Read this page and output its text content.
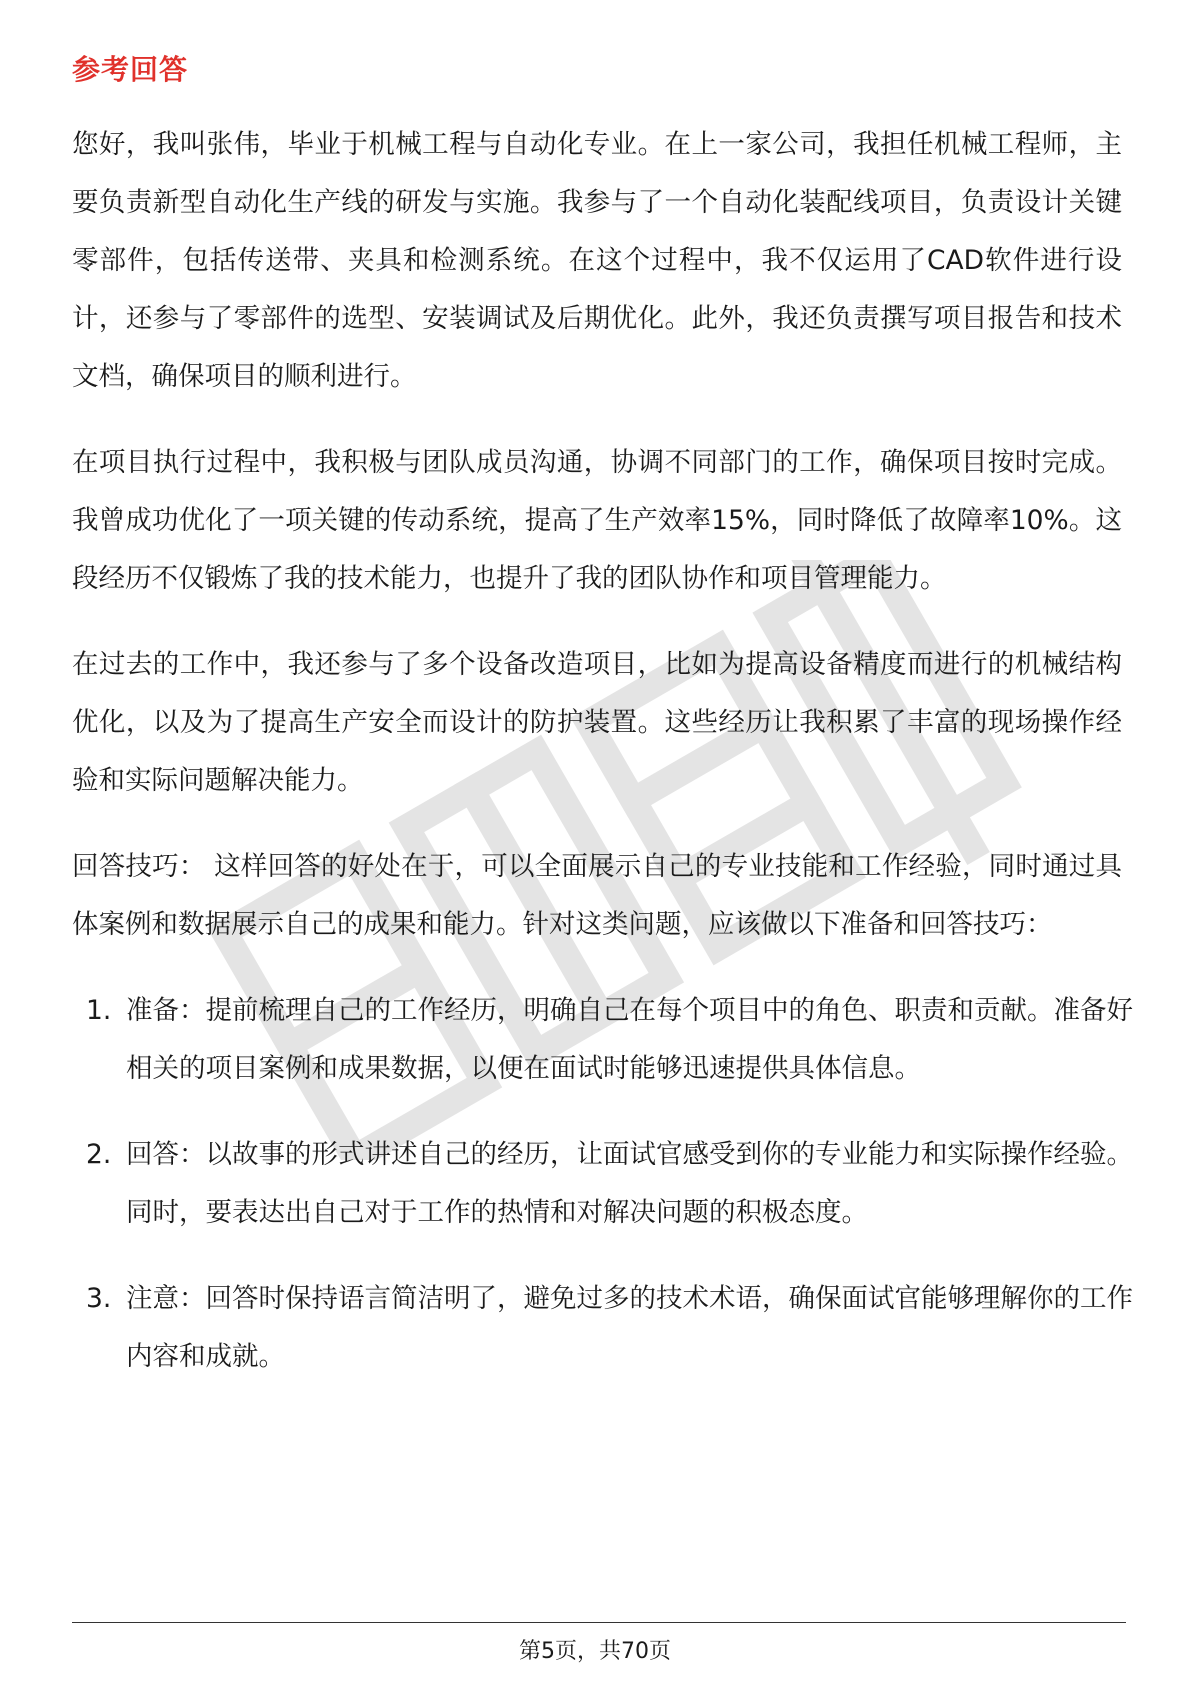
参考回答

您好，我叫张伟，毕业于机械工程与自动化专业。在上一家公司，我担任机械工程师，主要负责新型自动化生产线的研发与实施。我参与了一个自动化装配线项目，负责设计关键零部件，包括传送带、夹具和检测系统。在这个过程中，我不仅运用了CAD软件进行设计，还参与了零部件的选型、安装调试及后期优化。此外，我还负责撰写项目报告和技术文档，确保项目的顺利进行。

在项目执行过程中，我积极与团队成员沟通，协调不同部门的工作，确保项目按时完成。我曾成功优化了一项关键的传动系统，提高了生产效率15%，同时降低了故障率10%。这段经历不仅锻炼了我的技术能力，也提升了我的团队协作和项目管理能力。

在过去的工作中，我还参与了多个设备改造项目，比如为提高设备精度而进行的机械结构优化，以及为了提高生产安全而设计的防护装置。这些经历让我积累了丰富的现场操作经验和实际问题解决能力。

回答技巧： 这样回答的好处在于，可以全面展示自己的专业技能和工作经验，同时通过具体案例和数据展示自己的成果和能力。针对这类问题，应该做以下准备和回答技巧：

1. 准备：提前梳理自己的工作经历，明确自己在每个项目中的角色、职责和贡献。准备好相关的项目案例和成果数据，以便在面试时能够迅速提供具体信息。
2. 回答：以故事的形式讲述自己的经历，让面试官感受到你的专业能力和实际操作经验。同时，要表达出自己对于工作的热情和对解决问题的积极态度。
3. 注意：回答时保持语言简洁明了，避免过多的技术术语，确保面试官能够理解你的工作内容和成就。
第5页，共70页
